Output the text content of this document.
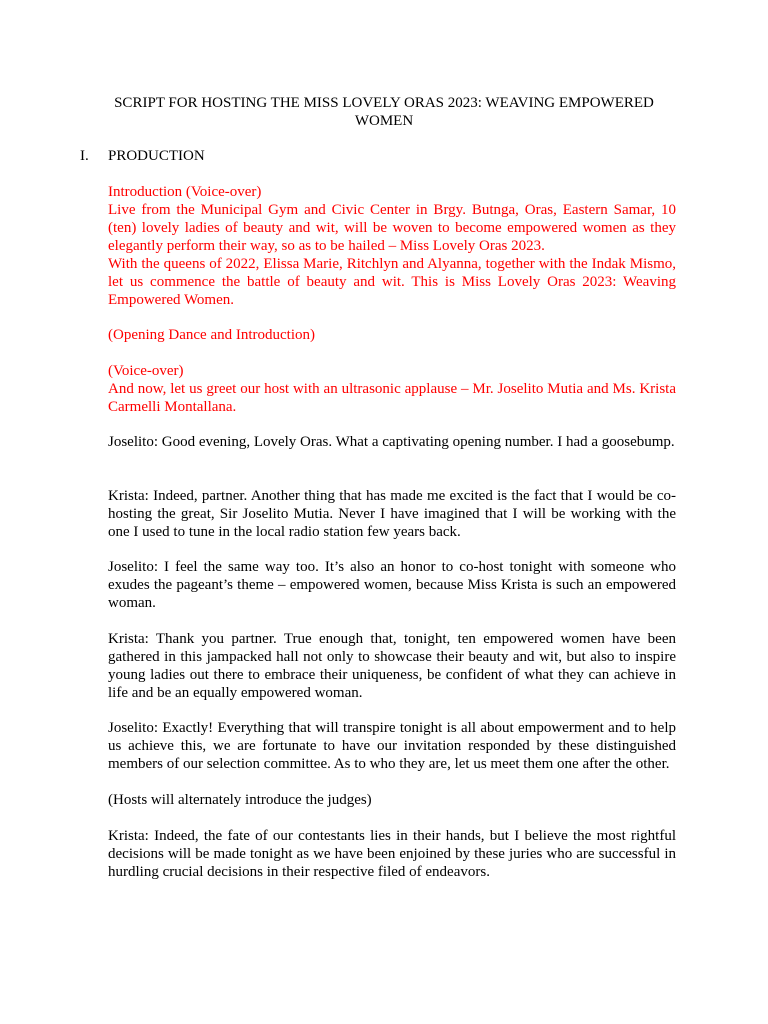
SCRIPT FOR HOSTING THE MISS LOVELY ORAS 2023: WEAVING EMPOWERED WOMEN
I. PRODUCTION
Introduction (Voice-over)
Live from the Municipal Gym and Civic Center in Brgy. Butnga, Oras, Eastern Samar, 10 (ten) lovely ladies of beauty and wit, will be woven to become empowered women as they elegantly perform their way, so as to be hailed – Miss Lovely Oras 2023.
With the queens of 2022, Elissa Marie, Ritchlyn and Alyanna, together with the Indak Mismo, let us commence the battle of beauty and wit. This is Miss Lovely Oras 2023: Weaving Empowered Women.
(Opening Dance and Introduction)
(Voice-over)
And now, let us greet our host with an ultrasonic applause – Mr. Joselito Mutia and Ms. Krista Carmelli Montallana.
Joselito: Good evening, Lovely Oras. What a captivating opening number. I had a goosebump.
Krista: Indeed, partner. Another thing that has made me excited is the fact that I would be co-hosting the great, Sir Joselito Mutia. Never I have imagined that I will be working with the one I used to tune in the local radio station few years back.
Joselito: I feel the same way too. It’s also an honor to co-host tonight with someone who exudes the pageant’s theme – empowered women, because Miss Krista is such an empowered woman.
Krista: Thank you partner. True enough that, tonight, ten empowered women have been gathered in this jampacked hall not only to showcase their beauty and wit, but also to inspire young ladies out there to embrace their uniqueness, be confident of what they can achieve in life and be an equally empowered woman.
Joselito: Exactly! Everything that will transpire tonight is all about empowerment and to help us achieve this, we are fortunate to have our invitation responded by these distinguished members of our selection committee. As to who they are, let us meet them one after the other.
(Hosts will alternately introduce the judges)
Krista: Indeed, the fate of our contestants lies in their hands, but I believe the most rightful decisions will be made tonight as we have been enjoined by these juries who are successful in hurdling crucial decisions in their respective filed of endeavors.
